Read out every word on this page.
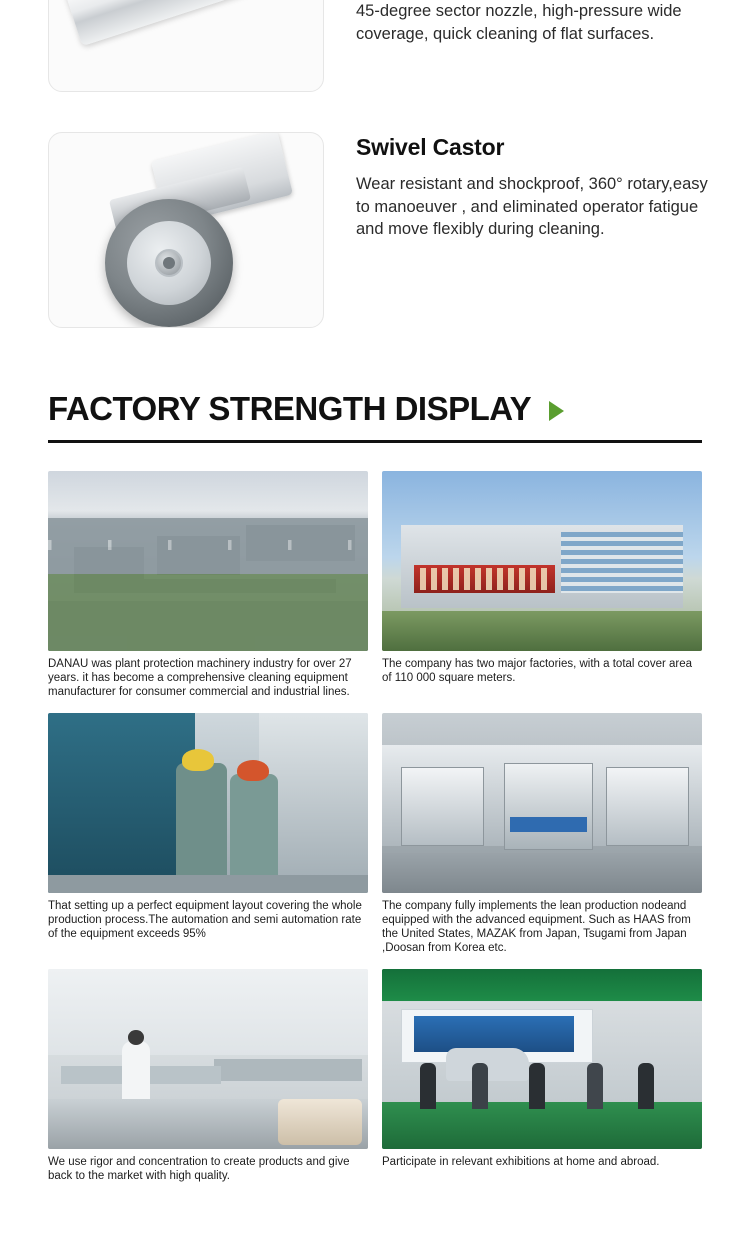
45-degree sector nozzle, high-pressure wide coverage, quick cleaning of flat surfaces.
Swivel Castor
Wear resistant and shockproof, 360° rotary,easy to manoeuver , and eliminated operator fatigue and move flexibly during cleaning.
FACTORY STRENGTH DISPLAY
DANAU was plant protection machinery industry for over 27 years. it has become a comprehensive cleaning equipment manufacturer for consumer commercial and industrial lines.
The company has two major factories, with a total cover area of 110 000 square meters.
That setting up a perfect equipment layout covering the whole production process.The automation and semi automation rate of the equipment exceeds 95%
The company fully implements the lean production nodeand equipped with the advanced equipment. Such as HAAS from the United States, MAZAK from Japan, Tsugami from Japan ,Doosan from Korea etc.
We use rigor and concentration to create products and give back to the market with high quality.
Participate in relevant exhibitions at home and abroad.
